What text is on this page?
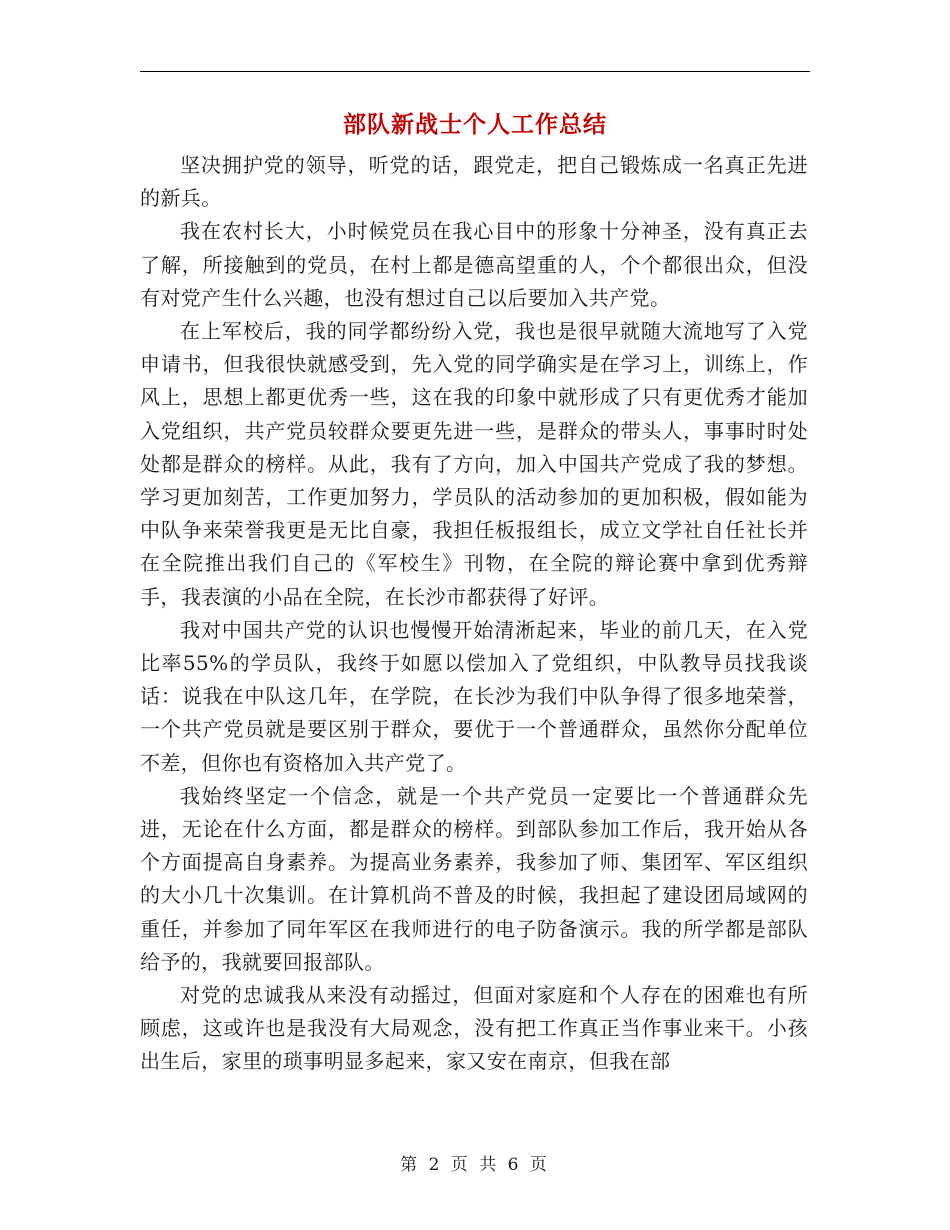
部队新战士个人工作总结

坚决拥护党的领导，听党的话，跟党走，把自己锻炼成一名真正先进的新兵。

我在农村长大，小时候党员在我心目中的形象十分神圣，没有真正去了解，所接触到的党员，在村上都是德高望重的人，个个都很出众，但没有对党产生什么兴趣，也没有想过自己以后要加入共产党。

在上军校后，我的同学都纷纷入党，我也是很早就随大流地写了入党申请书，但我很快就感受到，先入党的同学确实是在学习上，训练上，作风上，思想上都更优秀一些，这在我的印象中就形成了只有更优秀才能加入党组织，共产党员较群众要更先进一些，是群众的带头人，事事时时处处都是群众的榜样。从此，我有了方向，加入中国共产党成了我的梦想。学习更加刻苦，工作更加努力，学员队的活动参加的更加积极，假如能为中队争来荣誉我更是无比自豪，我担任板报组长，成立文学社自任社长并在全院推出我们自己的《军校生》刊物，在全院的辩论赛中拿到优秀辩手，我表演的小品在全院，在长沙市都获得了好评。

我对中国共产党的认识也慢慢开始清淅起来，毕业的前几天，在入党比率55%的学员队，我终于如愿以偿加入了党组织，中队教导员找我谈话：说我在中队这几年，在学院，在长沙为我们中队争得了很多地荣誉，一个共产党员就是要区别于群众，要优于一个普通群众，虽然你分配单位不差，但你也有资格加入共产党了。

我始终坚定一个信念，就是一个共产党员一定要比一个普通群众先进，无论在什么方面，都是群众的榜样。到部队参加工作后，我开始从各个方面提高自身素养。为提高业务素养，我参加了师、集团军、军区组织的大小几十次集训。在计算机尚不普及的时候，我担起了建设团局域网的重任，并参加了同年军区在我师进行的电子防备演示。我的所学都是部队给予的，我就要回报部队。

对党的忠诚我从来没有动摇过，但面对家庭和个人存在的困难也有所顾虑，这或许也是我没有大局观念，没有把工作真正当作事业来干。小孩出生后，家里的琐事明显多起来，家又安在南京，但我在部

第 2 页 共 6 页
